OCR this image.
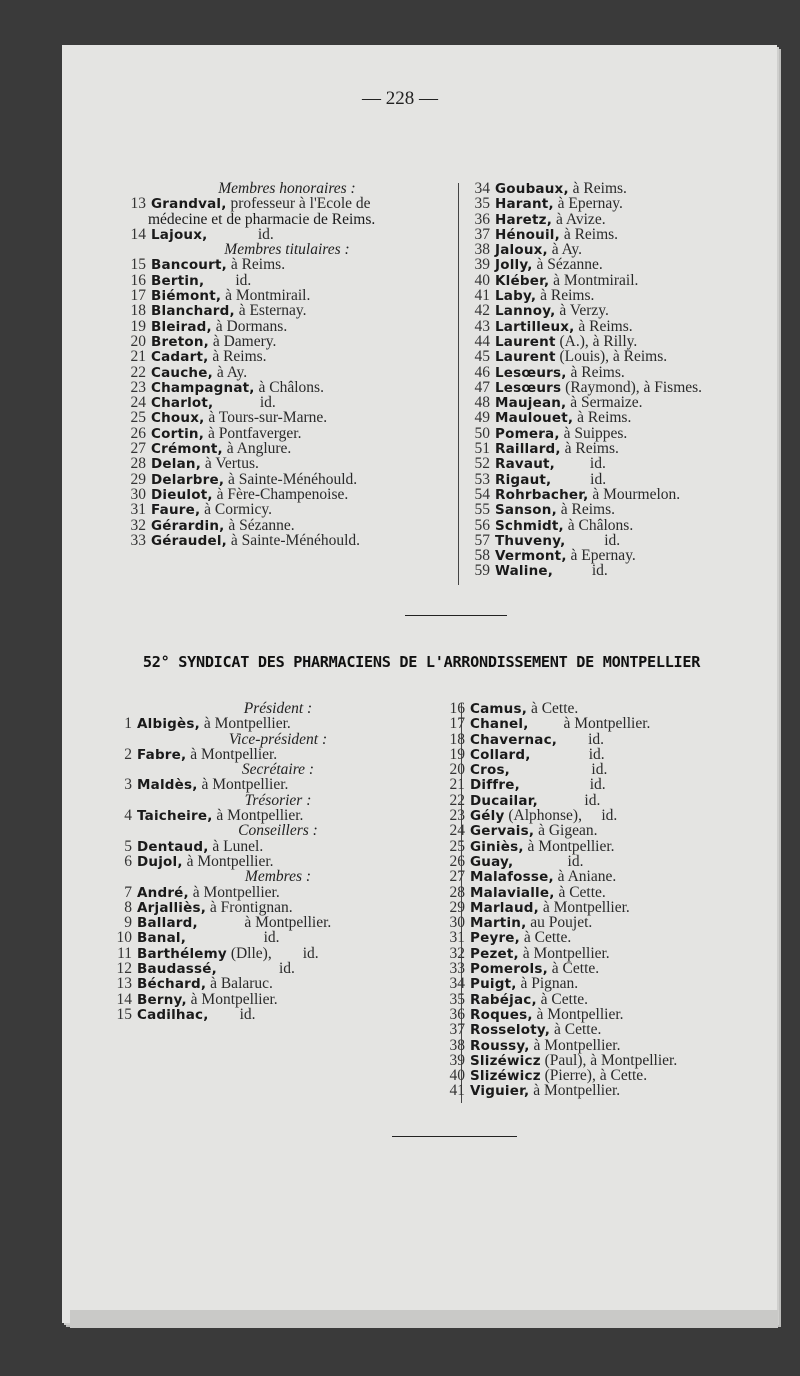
— 228 —
Membres honoraires :
13 Grandval, professeur à l'Ecole de
médecine et de pharmacie de Reims.
14 Lajoux,             id.
Membres titulaires :
15 Bancourt, à Reims.
16 Bertin,        id.
17 Biémont, à Montmirail.
18 Blanchard, à Esternay.
19 Bleirad, à Dormans.
20 Breton, à Damery.
21 Cadart, à Reims.
22 Cauche, à Ay.
23 Champagnat, à Châlons.
24 Charlot,            id.
25 Choux, à Tours-sur-Marne.
26 Cortin, à Pontfaverger.
27 Crémont, à Anglure.
28 Delan, à Vertus.
29 Delarbre, à Sainte-Ménéhould.
30 Dieulot, à Fère-Champenoise.
31 Faure, à Cormicy.
32 Gérardin, à Sézanne.
33 Géraudel, à Sainte-Ménéhould.
34 Goubaux, à Reims.
35 Harant, à Epernay.
36 Haretz, à Avize.
37 Hénouil, à Reims.
38 Jaloux, à Ay.
39 Jolly, à Sézanne.
40 Kléber, à Montmirail.
41 Laby, à Reims.
42 Lannoy, à Verzy.
43 Lartilleux, à Reims.
44 Laurent (A.), à Rilly.
45 Laurent (Louis), à Reims.
46 Lesœurs, à Reims.
47 Lesœurs (Raymond), à Fismes.
48 Maujean, à Sermaize.
49 Maulouet, à Reims.
50 Pomera, à Suippes.
51 Raillard, à Reims.
52 Ravaut,         id.
53 Rigaut,          id.
54 Rohrbacher, à Mourmelon.
55 Sanson, à Reims.
56 Schmidt, à Châlons.
57 Thuveny,          id.
58 Vermont, à Epernay.
59 Waline,          id.
52° SYNDICAT DES PHARMACIENS DE L'ARRONDISSEMENT DE MONTPELLIER
Président :
1 Albigès, à Montpellier.
Vice-président :
2 Fabre, à Montpellier.
Secrétaire :
3 Maldès, à Montpellier.
Trésorier :
4 Taicheire, à Montpellier.
Conseillers :
5 Dentaud, à Lunel.
6 Dujol, à Montpellier.
Membres :
7 André, à Montpellier.
8 Arjalliès, à Frontignan.
9 Ballard,            à Montpellier.
10 Banal,                    id.
11 Barthélemy (Dlle),        id.
12 Baudassé,                id.
13 Béchard, à Balaruc.
14 Berny, à Montpellier.
15 Cadilhac,        id.
16 Camus, à Cette.
17 Chanel,         à Montpellier.
18 Chavernac,        id.
19 Collard,               id.
20 Cros,                     id.
21 Diffre,                  id.
22 Ducailar,            id.
23 Gély (Alphonse),     id.
24 Gervais, à Gigean.
25 Giniès, à Montpellier.
26 Guay,              id.
27 Malafosse, à Aniane.
28 Malavialle, à Cette.
29 Marlaud, à Montpellier.
30 Martin, au Poujet.
31 Peyre, à Cette.
32 Pezet, à Montpellier.
33 Pomerols, à Cette.
34 Puigt, à Pignan.
35 Rabéjac, à Cette.
36 Roques, à Montpellier.
37 Rosseloty, à Cette.
38 Roussy, à Montpellier.
39 Slizéwicz (Paul), à Montpellier.
40 Slizéwicz (Pierre), à Cette.
41 Viguier, à Montpellier.
